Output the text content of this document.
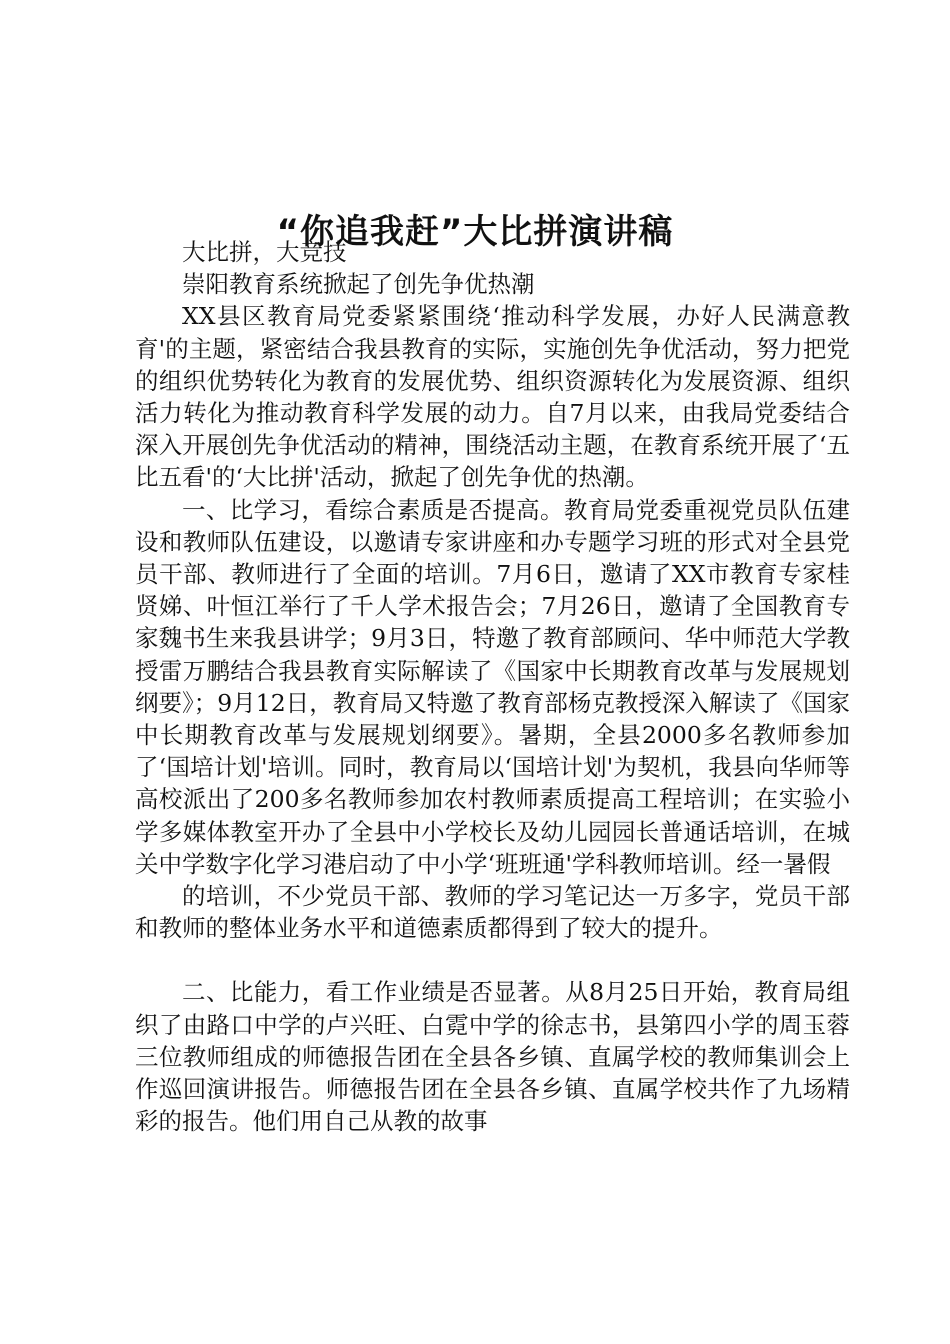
“你追我赶”大比拼演讲稿

大比拼，大竞技

崇阳教育系统掀起了创先争优热潮

XX县区教育局党委紧紧围绕‘推动科学发展，办好人民满意教育'的主题，紧密结合我县教育的实际，实施创先争优活动，努力把党的组织优势转化为教育的发展优势、组织资源转化为发展资源、组织活力转化为推动教育科学发展的动力。自7月以来，由我局党委结合深入开展创先争优活动的精神，围绕活动主题，在教育系统开展了‘五比五看'的‘大比拼'活动，掀起了创先争优的热潮。

一、比学习，看综合素质是否提高。教育局党委重视党员队伍建设和教师队伍建设，以邀请专家讲座和办专题学习班的形式对全县党员干部、教师进行了全面的培训。7月6日，邀请了XX市教育专家桂贤娣、叶恒江举行了千人学术报告会；7月26日，邀请了全国教育专家魏书生来我县讲学；9月3日，特邀了教育部顾问、华中师范大学教授雷万鹏结合我县教育实际解读了《国家中长期教育改革与发展规划纲要》；9月12日，教育局又特邀了教育部杨克教授深入解读了《国家中长期教育改革与发展规划纲要》。暑期，全县2000多名教师参加了‘国培计划'培训。同时，教育局以‘国培计划'为契机，我县向华师等高校派出了200多名教师参加农村教师素质提高工程培训；在实验小学多媒体教室开办了全县中小学校长及幼儿园园长普通话培训，在城关中学数字化学习港启动了中小学‘班班通'学科教师培训。经一暑假

的培训，不少党员干部、教师的学习笔记达一万多字，党员干部和教师的整体业务水平和道德素质都得到了较大的提升。

二、比能力，看工作业绩是否显著。从8月25日开始，教育局组织了由路口中学的卢兴旺、白霓中学的徐志书，县第四小学的周玉蓉三位教师组成的师德报告团在全县各乡镇、直属学校的教师集训会上作巡回演讲报告。师德报告团在全县各乡镇、直属学校共作了九场精彩的报告。他们用自己从教的故事
